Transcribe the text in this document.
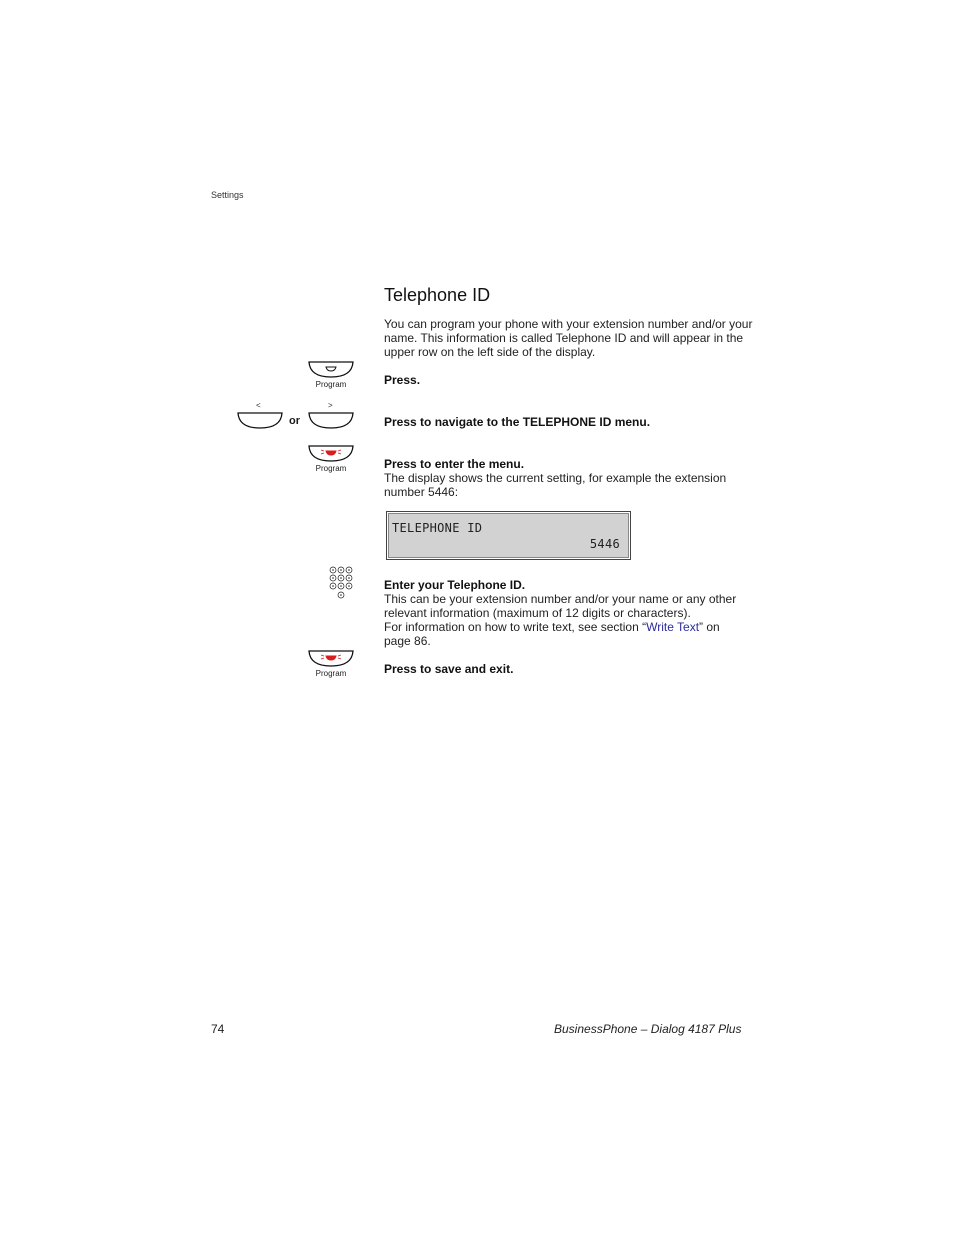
Settings
Telephone ID

You can program your phone with your extension number and/or your name. This information is called Telephone ID and will appear in the upper row on the left side of the display.

Program	Press.

<	>
or	Press to navigate to the TELEPHONE ID menu.

Program	Press to enter the menu.
The display shows the current setting, for example the extension
number 5446:

TELEPHONE ID
5446

Enter your Telephone ID.
This can be your extension number and/or your name or any other
relevant information (maximum of 12 digits or characters).
For information on how to write text, see section “Write Text” on
page 86.

Program	Press to save and exit.

74	BusinessPhone – Dialog 4187 Plus
